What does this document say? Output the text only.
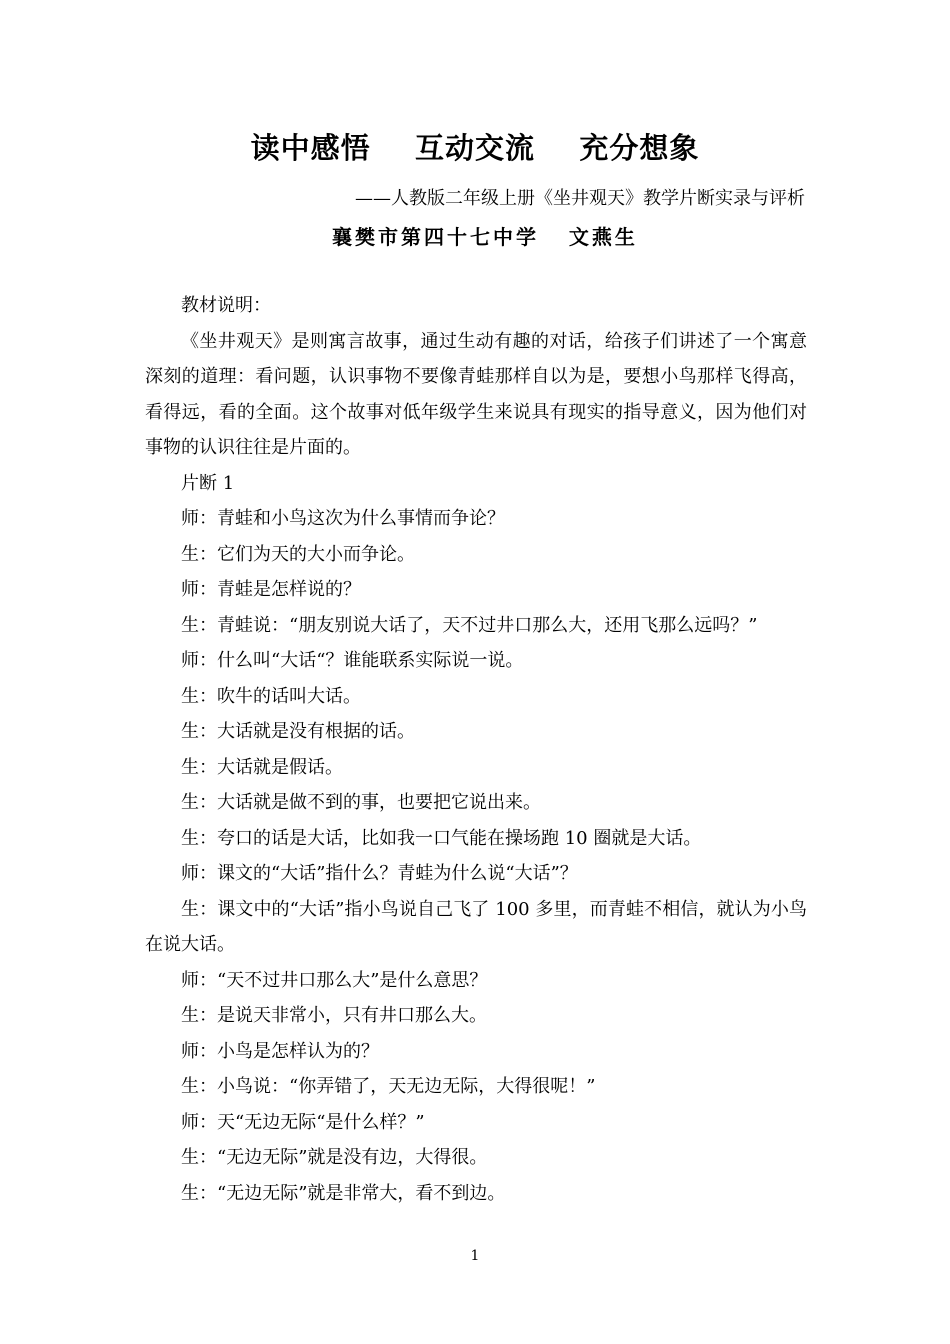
读中感悟    互动交流    充分想象
——人教版二年级上册《坐井观天》教学片断实录与评析
襄樊市第四十七中学   文燕生

教材说明：

《坐井观天》是则寓言故事，通过生动有趣的对话，给孩子们讲述了一个寓意深刻的道理：看问题，认识事物不要像青蛙那样自以为是，要想小鸟那样飞得高，看得远，看的全面。这个故事对低年级学生来说具有现实的指导意义，因为他们对事物的认识往往是片面的。

片断 1

师：青蛙和小鸟这次为什么事情而争论？

生：它们为天的大小而争论。

师：青蛙是怎样说的？

生：青蛙说：“朋友别说大话了，天不过井口那么大，还用飞那么远吗？”

师：什么叫“大话“？谁能联系实际说一说。

生：吹牛的话叫大话。

生：大话就是没有根据的话。

生：大话就是假话。

生：大话就是做不到的事，也要把它说出来。

生：夸口的话是大话，比如我一口气能在操场跑 10 圈就是大话。

师：课文的“大话”指什么？青蛙为什么说“大话”？

生：课文中的“大话”指小鸟说自己飞了 100 多里，而青蛙不相信，就认为小鸟在说大话。

师：“天不过井口那么大”是什么意思？

生：是说天非常小，只有井口那么大。

师：小鸟是怎样认为的？

生：小鸟说：“你弄错了，天无边无际，大得很呢！”

师：天“无边无际“是什么样？”

生：“无边无际”就是没有边，大得很。

生：“无边无际”就是非常大，看不到边。

1
